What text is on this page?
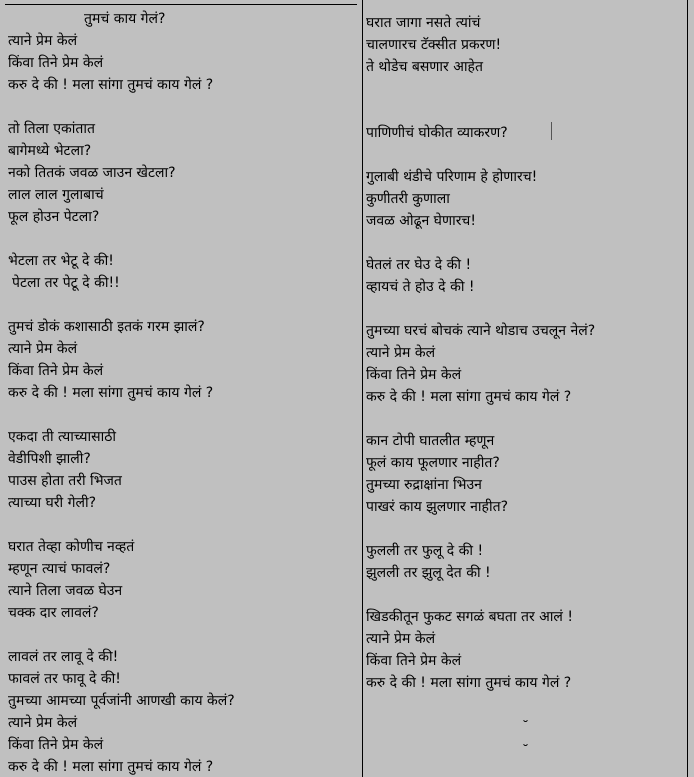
तुमचं काय गेलं?
त्याने प्रेम केलं
किंवा तिने प्रेम केलं
करु दे की ! मला सांगा तुमचं काय गेलं ?
तो तिला एकांतात
बागेमध्ये भेटला?
नको तितकं जवळ जाउन खेटला?
लाल लाल गुलाबाचं
फूल होउन पेटला?
भेटला तर भेटू दे की!
पेटला तर पेटू दे की!!
तुमचं डोकं कशासाठी इतकं गरम झालं?
त्याने प्रेम केलं
किंवा तिने प्रेम केलं
करु दे की ! मला सांगा तुमचं काय गेलं ?
एकदा ती त्याच्यासाठी
वेडीपिशी झाली?
पाउस होता तरी भिजत
त्याच्या घरी गेली?
घरात तेव्हा कोणीच नव्हतं
म्हणून त्याचं फावलं?
त्याने तिला जवळ घेउन
चक्क दार लावलं?
लावलं तर लावू दे की!
फावलं तर फावू दे की!
तुमच्या आमच्या पूर्वजांनी आणखी काय केलं?
त्याने प्रेम केलं
किंवा तिने प्रेम केलं
करु दे की ! मला सांगा तुमचं काय गेलं ?
घरात जागा नसते त्यांचं
चालणारच टॅक्सीत प्रकरण!
ते थोडेच बसणार आहेत
पाणिणीचं घोकीत व्याकरण?
गुलाबी थंडीचे परिणाम हे होणारच!
कुणीतरी कुणाला
जवळ ओढून घेणारच!
घेतलं तर घेउ दे की !
व्हायचं ते होउ दे की !
तुमच्या घरचं बोचकं त्याने थोडाच उचलून नेलं?
त्याने प्रेम केलं
किंवा तिने प्रेम केलं
करु दे की ! मला सांगा तुमचं काय गेलं ?
कान टोपी घातलीत म्हणून
फूलं काय फूलणार नाहीत?
तुमच्या रुद्राक्षांना भिउन
पाखरं काय झुलणार नाहीत?
फुलली तर फुलू दे की !
झुलली तर झुलू देत की !
खिडकीतून फुकट सगळं बघता तर आलं !
त्याने प्रेम केलं
किंवा तिने प्रेम केलं
करु दे की ! मला सांगा तुमचं काय गेलं ?
˘
˘
